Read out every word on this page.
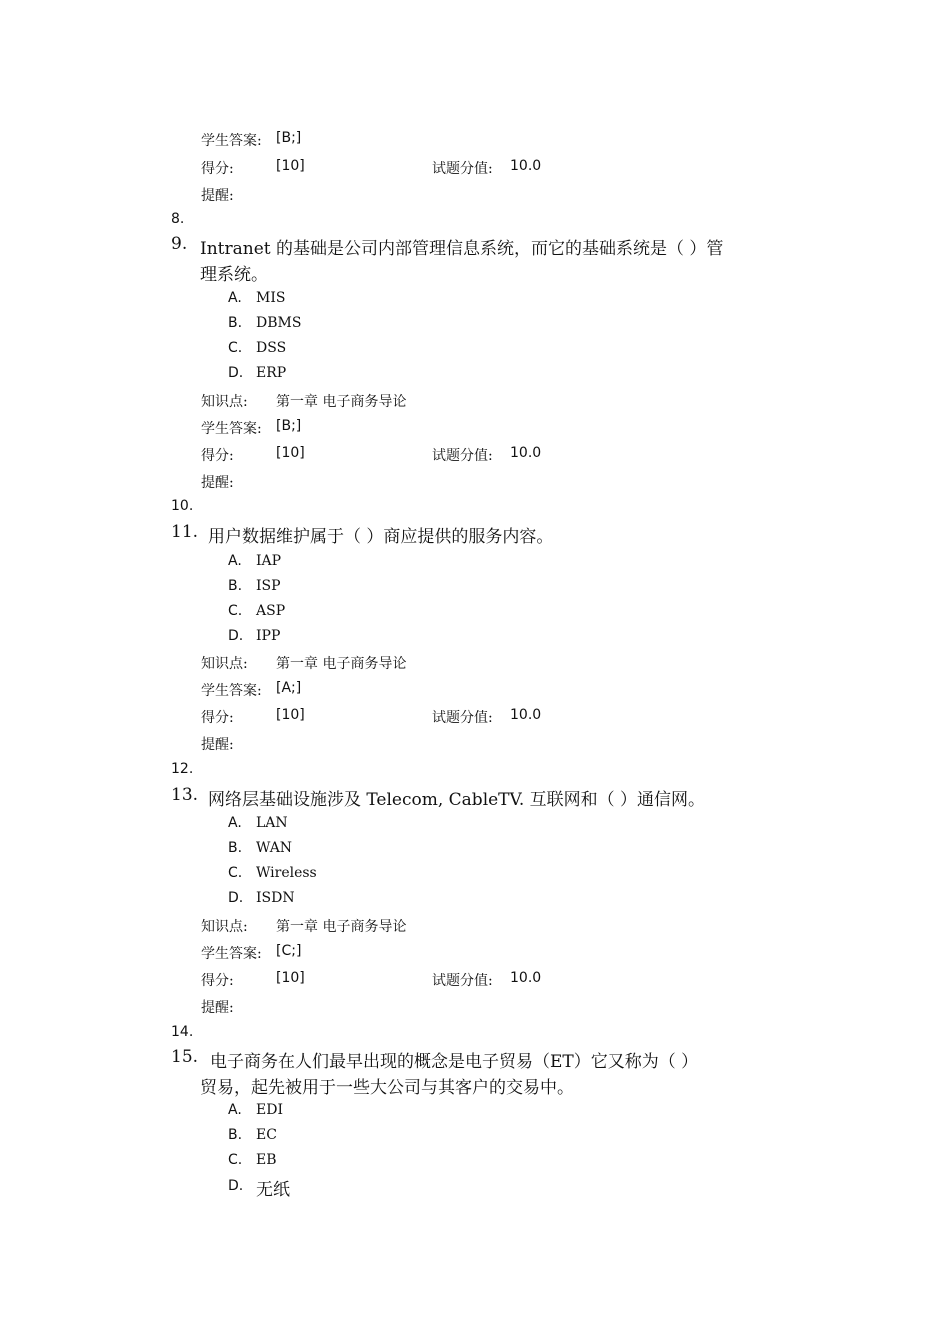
学生答案: [B;]
得分:	[10]	试题分值: 10.0
提醒:
8.
9. Intranet 的基础是公司内部管理信息系统，而它的基础系统是（ ）管
理系统。
A. MIS
B. DBMS
C. DSS
D. ERP
知识点: 第一章 电子商务导论
学生答案: [B;]
得分:	[10]	试题分值: 10.0
提醒:
10.
11. 用户数据维护属于（ ）商应提供的服务内容。
A. IAP
B. ISP
C. ASP
D. IPP
知识点: 第一章 电子商务导论
学生答案: [A;]
得分:	[10]	试题分值: 10.0
提醒:
12.
13. 网络层基础设施涉及 Telecom, CableTV. 互联网和（ ）通信网。
A. LAN
B. WAN
C. Wireless
D. ISDN
知识点: 第一章 电子商务导论
学生答案: [C;]
得分:	[10]	试题分值: 10.0
提醒:
14.
15. 电子商务在人们最早出现的概念是电子贸易（ET）它又称为（ ）
贸易，起先被用于一些大公司与其客户的交易中。
A. EDI
B. EC
C. EB
D. 无纸
